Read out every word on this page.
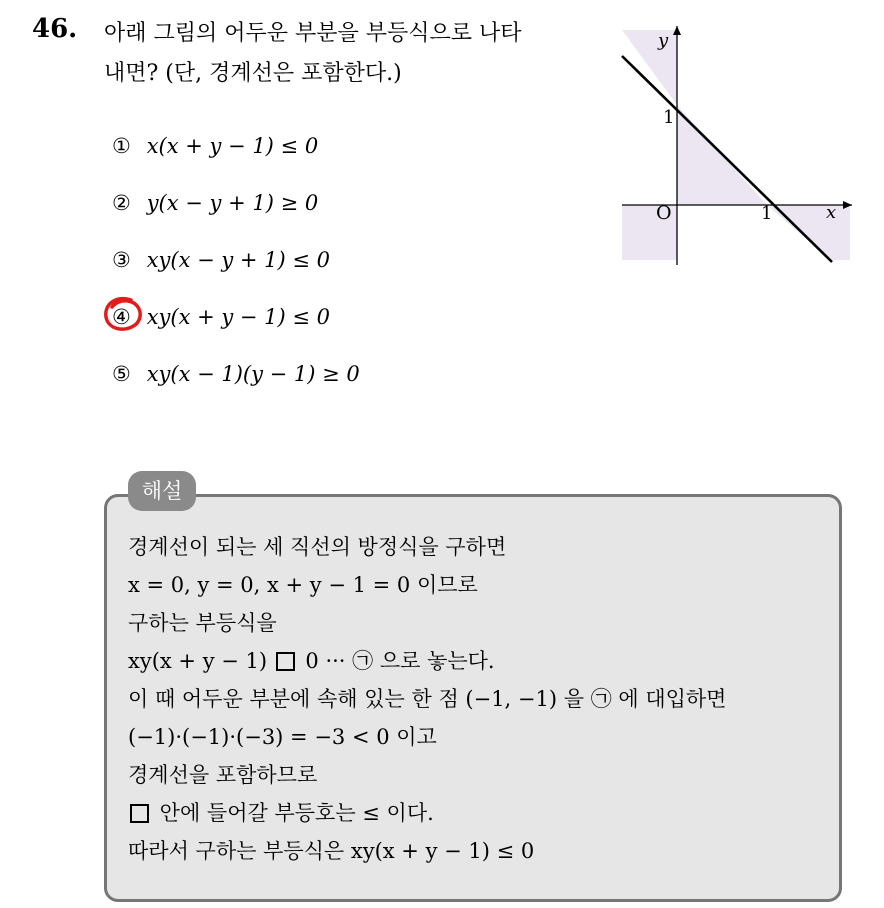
46. 아래 그림의 어두운 부분을 부등식으로 나타
내면? (단, 경계선은 포함한다.)
① x(x + y − 1) ≤ 0
② y(x − y + 1) ≥ 0
③ xy(x − y + 1) ≤ 0
④ xy(x + y − 1) ≤ 0
⑤ xy(x − 1)(y − 1) ≥ 0
y
x
O	1
1
해설
경계선이 되는 세 직선의 방정식을 구하면
x = 0, y = 0, x + y − 1 = 0 이므로
구하는 부등식을
xy(x + y − 1)  0 ··· ㉠ 으로 놓는다.
이 때 어두운 부분에 속해 있는 한 점 (−1, −1) 을 ㉠ 에 대입하면
(−1)·(−1)·(−3) = −3 < 0 이고
경계선을 포함하므로
안에 들어갈 부등호는 ≤ 이다.
따라서 구하는 부등식은 xy(x + y − 1) ≤ 0
